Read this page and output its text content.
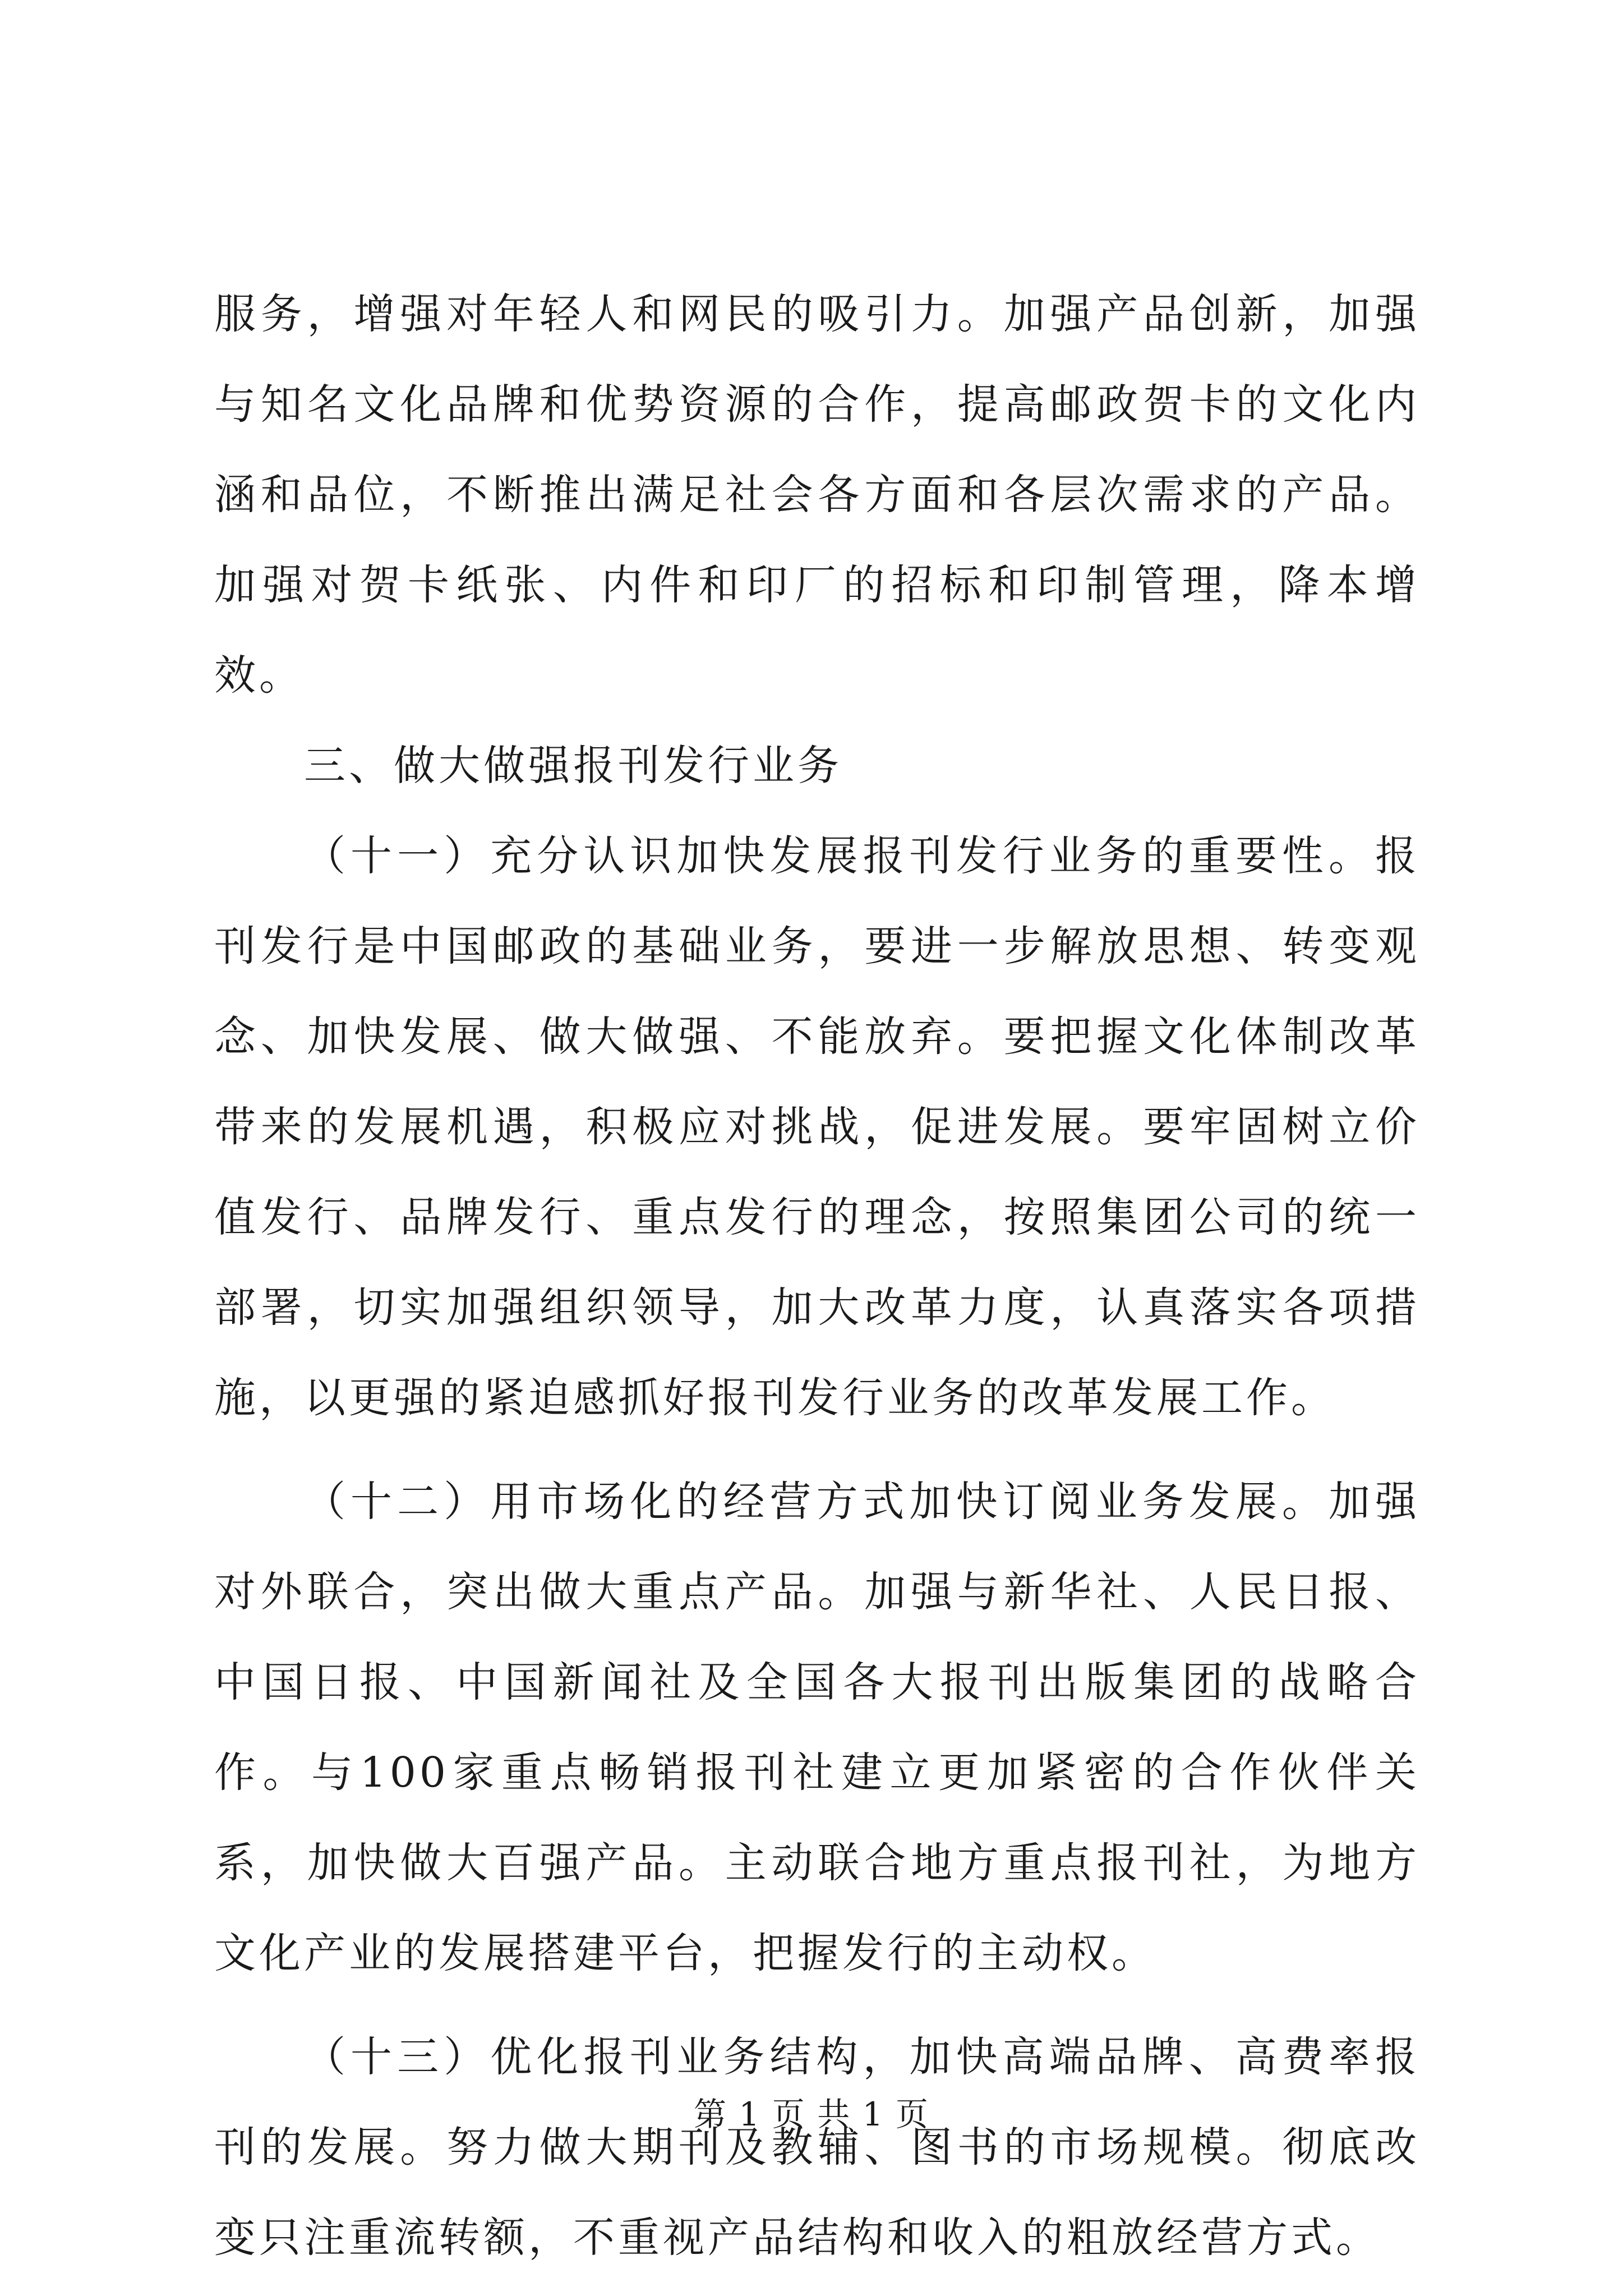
服务，增强对年轻人和网民的吸引力。加强产品创新，加强与知名文化品牌和优势资源的合作，提高邮政贺卡的文化内涵和品位，不断推出满足社会各方面和各层次需求的产品。加强对贺卡纸张、内件和印厂的招标和印制管理，降本增效。

三、做大做强报刊发行业务

（十一）充分认识加快发展报刊发行业务的重要性。报刊发行是中国邮政的基础业务，要进一步解放思想、转变观念、加快发展、做大做强、不能放弃。要把握文化体制改革带来的发展机遇，积极应对挑战，促进发展。要牢固树立价值发行、品牌发行、重点发行的理念，按照集团公司的统一部署，切实加强组织领导，加大改革力度，认真落实各项措施，以更强的紧迫感抓好报刊发行业务的改革发展工作。

（十二）用市场化的经营方式加快订阅业务发展。加强对外联合，突出做大重点产品。加强与新华社、人民日报、中国日报、中国新闻社及全国各大报刊出版集团的战略合作。与100家重点畅销报刊社建立更加紧密的合作伙伴关系，加快做大百强产品。主动联合地方重点报刊社，为地方文化产业的发展搭建平台，把握发行的主动权。

（十三）优化报刊业务结构，加快高端品牌、高费率报刊的发展。努力做大期刊及教辅、图书的市场规模。彻底改变只注重流转额，不重视产品结构和收入的粗放经营方式。

第 1 页 共 1 页
